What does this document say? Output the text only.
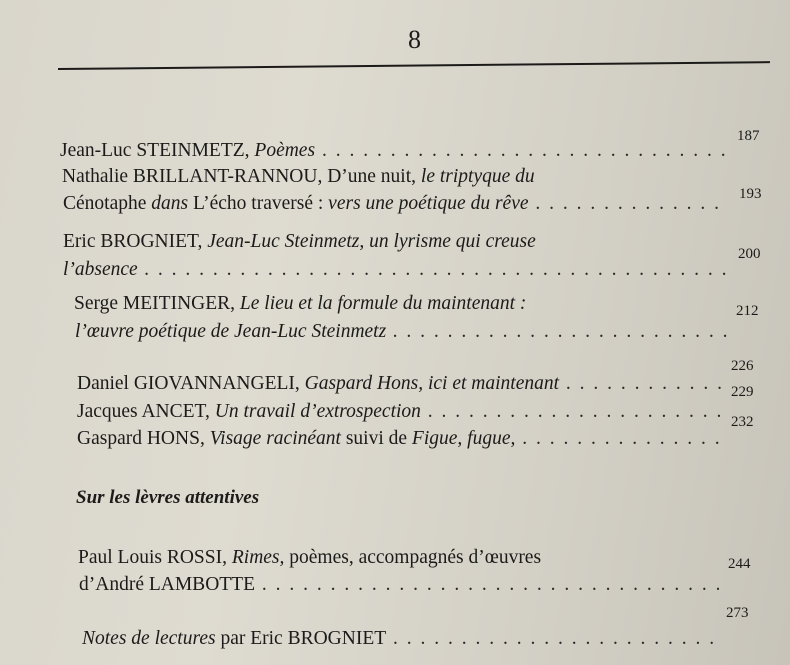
8
Jean-Luc STEINMETZ, Poèmes . . .
187
Nathalie BRILLANT-RANNOU, D’une nuit, le triptyque du
Cénotaphe dans L’écho traversé : vers une poétique du rêve . . .	193
Eric BROGNIET, Jean-Luc Steinmetz, un lyrisme qui creuse
l’absence . . .
200
Serge MEITINGER, Le lieu et la formule du maintenant :
l’œuvre poétique de Jean-Luc Steinmetz . . .
212
Daniel GIOVANNANGELI, Gaspard Hons, ici et maintenant . . .
226
Jacques ANCET, Un travail d’extrospection . . .
229
Gaspard HONS, Visage racinéant suivi de Figue, fugue, . . .
232
Sur les lèvres attentives
Paul Louis ROSSI, Rimes, poèmes, accompagnés d’œuvres
d’André LAMBOTTE . . .
244
Notes de lectures par Eric BROGNIET . . .
273
